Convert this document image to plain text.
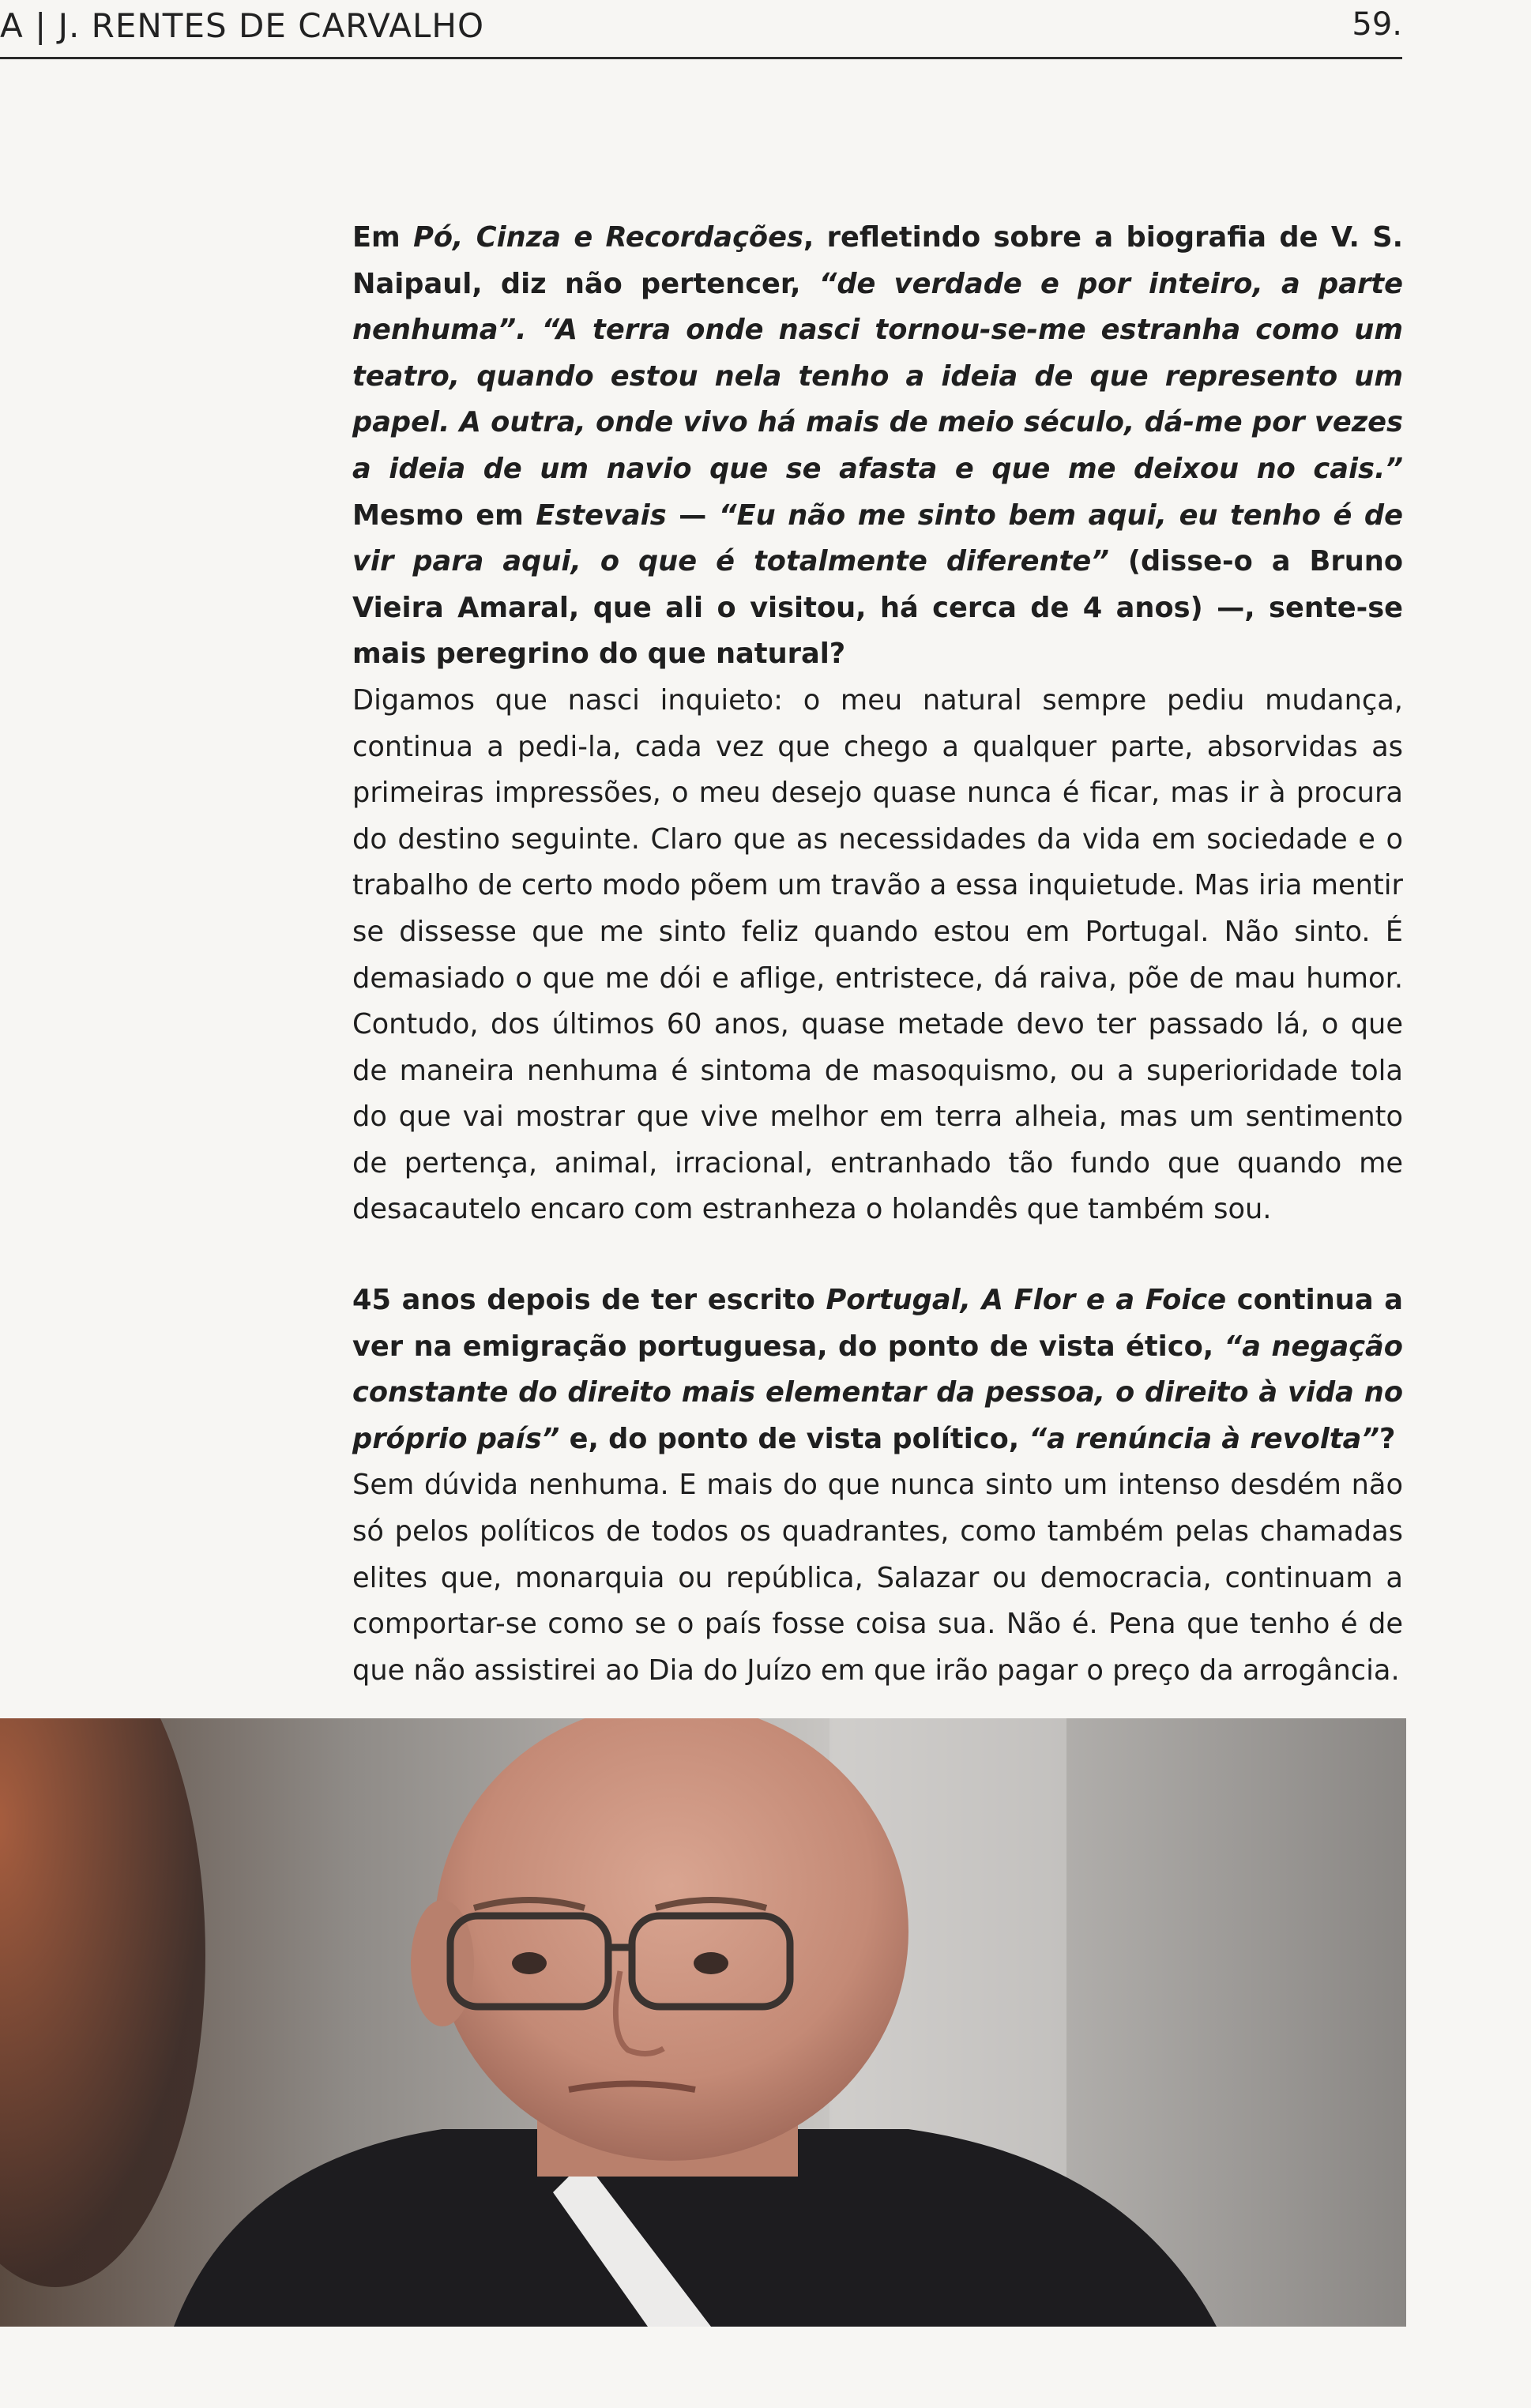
A | J. RENTES DE CARVALHO	59.

Em Pó, Cinza e Recordações, refletindo sobre a biografia de V. S. Naipaul, diz não pertencer, “de verdade e por inteiro, a parte nenhuma”. “A terra onde nasci tornou-se-me estranha como um teatro, quando estou nela tenho a ideia de que represento um papel. A outra, onde vivo há mais de meio século, dá-me por vezes a ideia de um navio que se afasta e que me deixou no cais.” Mesmo em Estevais — “Eu não me sinto bem aqui, eu tenho é de vir para aqui, o que é totalmente diferente” (disse-o a Bruno Vieira Amaral, que ali o visitou, há cerca de 4 anos) —, sente-se mais peregrino do que natural?

Digamos que nasci inquieto: o meu natural sempre pediu mudança, continua a pedi-la, cada vez que chego a qualquer parte, absorvidas as primeiras impressões, o meu desejo quase nunca é ficar, mas ir à procura do destino seguinte. Claro que as necessidades da vida em sociedade e o trabalho de certo modo põem um travão a essa inquietude. Mas iria mentir se dissesse que me sinto feliz quando estou em Portugal. Não sinto. É demasiado o que me dói e aflige, entristece, dá raiva, põe de mau humor. Contudo, dos últimos 60 anos, quase metade devo ter passado lá, o que de maneira nenhuma é sintoma de masoquismo, ou a superioridade tola do que vai mostrar que vive melhor em terra alheia, mas um sentimento de pertença, animal, irracional, entranhado tão fundo que quando me desacautelo encaro com estranheza o holandês que também sou.

45 anos depois de ter escrito Portugal, A Flor e a Foice continua a ver na emigração portuguesa, do ponto de vista ético, “a negação constante do direito mais elementar da pessoa, o direito à vida no próprio país” e, do ponto de vista político, “a renúncia à revolta”?

Sem dúvida nenhuma. E mais do que nunca sinto um intenso desdém não só pelos políticos de todos os quadrantes, como também pelas chamadas elites que, monarquia ou república, Salazar ou democracia, continuam a comportar-se como se o país fosse coisa sua. Não é. Pena que tenho é de que não assistirei ao Dia do Juízo em que irão pagar o preço da arrogância.
